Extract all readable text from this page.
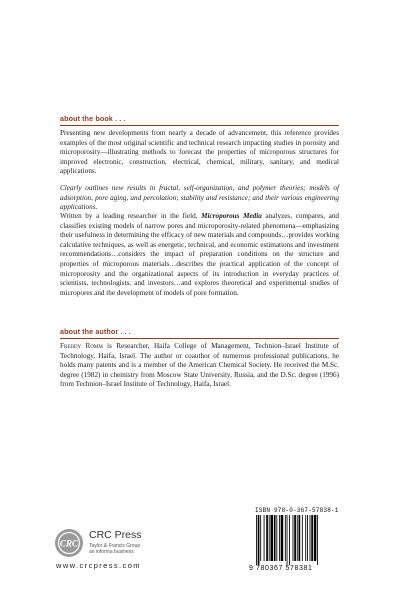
about the book . . .

Presenting new developments from nearly a decade of advancement, this reference provides examples of the most original scientific and technical research impacting studies in porosity and microporosity—illustrating methods to forecast the properties of microporous structures for improved electronic, construction, electrical, chemical, military, sanitary, and medical applications.

Clearly outlines new results in fractal, self-organization, and polymer theories; models of adsorption, pore aging, and percolation; stability and resistance; and their various engineering applications.

Written by a leading researcher in the field, Microporous Media analyzes, compares, and classifies existing models of narrow pores and microporosity-related phenomena—emphasizing their usefulness in determining the efficacy of new materials and compounds…provides working calculative techniques, as well as energetic, technical, and economic estimations and investment recommendations…considers the impact of preparation conditions on the structure and properties of microporous materials…describes the practical application of the concept of microporosity and the organizational aspects of its introduction in everyday practices of scientists, technologists, and investors…and explores theoretical and experimental studies of micropores and the development of models of pore formation.

about the author . . .

Freddy Romm is Researcher, Haifa College of Management, Technion–Israel Institute of Technology, Haifa, Israel. The author or coauthor of numerous professional publications, he holds many patents and is a member of the American Chemical Society. He received the M.Sc. degree (1982) in chemistry from Moscow State University, Russia, and the D.Sc. degree (1996) from Technion–Israel Institute of Technology, Haifa, Israel.

CRC
CRC Press
Taylor & Francis Group
an informa business
www.crcpress.com
ISBN 978-0-367-57838-1
9 780367 578381
